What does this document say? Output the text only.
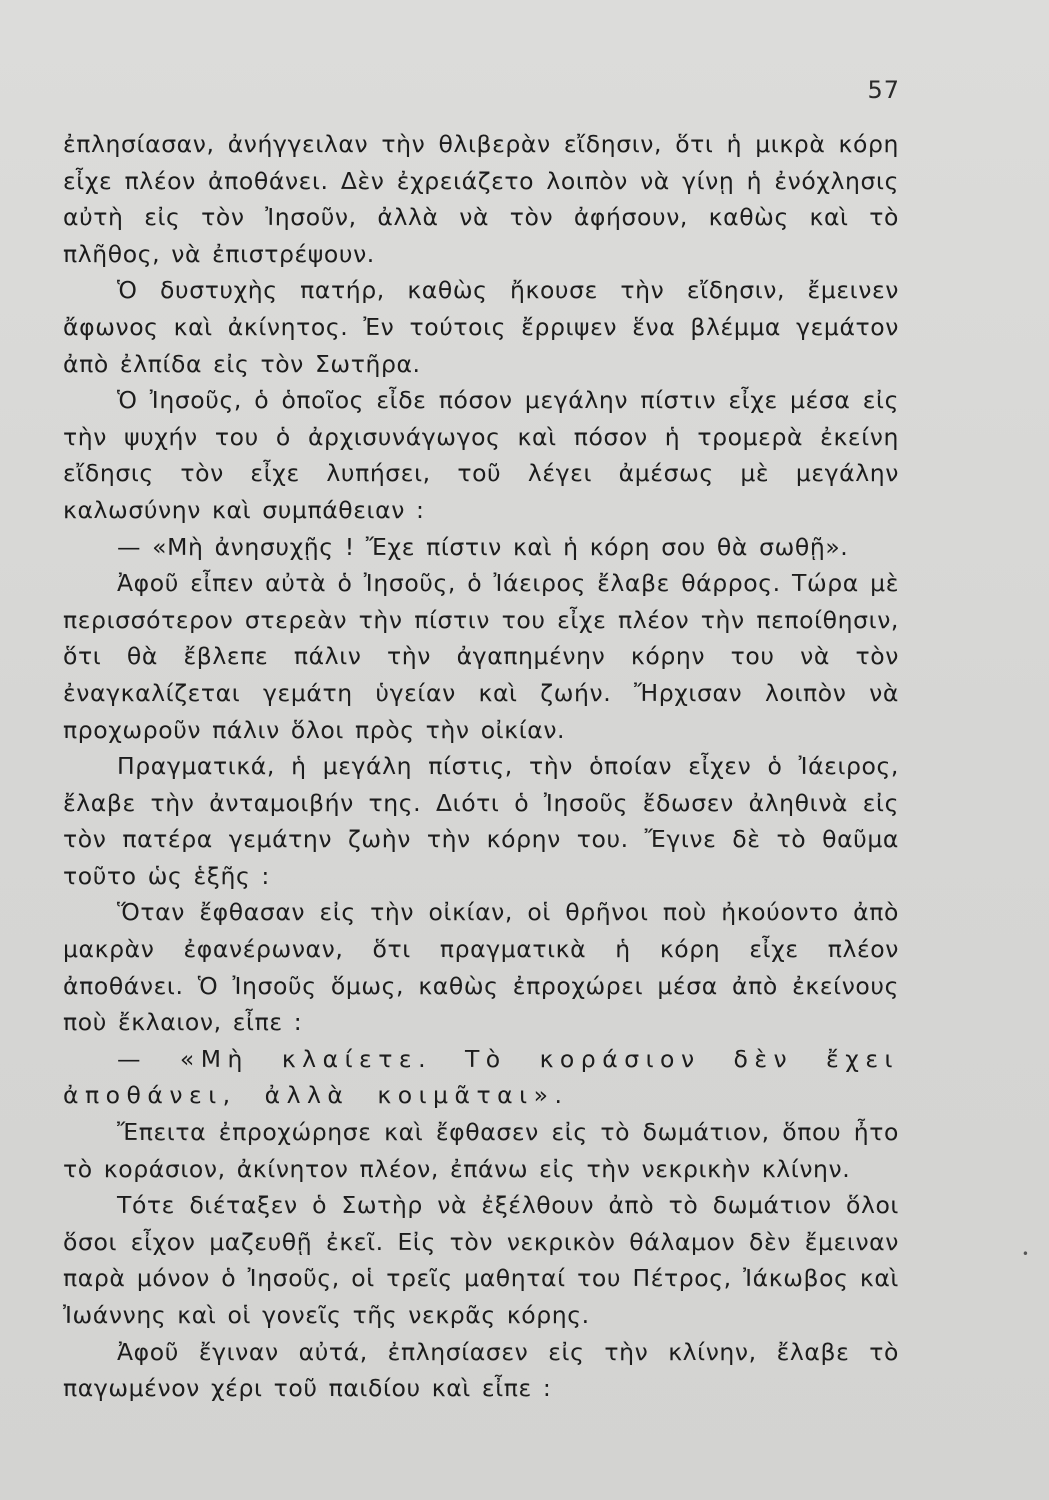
57

ἐπλησίασαν, ἀνήγγειλαν τὴν θλιβερὰν εἴδησιν, ὅτι ἡ μικρὰ κόρη εἶχε πλέον ἀποθάνει. Δὲν ἐχρειάζετο λοιπὸν νὰ γίνῃ ἡ ἐνόχλησις αὐτὴ εἰς τὸν Ἰησοῦν, ἀλλὰ νὰ τὸν ἀφήσουν, καθὼς καὶ τὸ πλῆθος, νὰ ἐπιστρέψουν.

Ὁ δυστυχὴς πατήρ, καθὼς ἤκουσε τὴν εἴδησιν, ἔμεινεν ἄφωνος καὶ ἀκίνητος. Ἐν τούτοις ἔρριψεν ἕνα βλέμμα γεμάτον ἀπὸ ἐλπίδα εἰς τὸν Σωτῆρα.

Ὁ Ἰησοῦς, ὁ ὁποῖος εἶδε πόσον μεγάλην πίστιν εἶχε μέσα εἰς τὴν ψυχήν του ὁ ἀρχισυνάγωγος καὶ πόσον ἡ τρομερὰ ἐκείνη εἴδησις τὸν εἶχε λυπήσει, τοῦ λέγει ἀμέσως μὲ μεγάλην καλωσύνην καὶ συμπάθειαν :

— «Μὴ ἀνησυχῇς ! Ἔχε πίστιν καὶ ἡ κόρη σου θὰ σωθῇ».

Ἀφοῦ εἶπεν αὐτὰ ὁ Ἰησοῦς, ὁ Ἰάειρος ἔλαβε θάρρος. Τώρα μὲ περισσότερον στερεὰν τὴν πίστιν του εἶχε πλέον τὴν πεποίθησιν, ὅτι θὰ ἔβλεπε πάλιν τὴν ἀγαπημένην κόρην του νὰ τὸν ἐναγκαλίζεται γεμάτη ὑγείαν καὶ ζωήν. Ἤρχισαν λοιπὸν νὰ προχωροῦν πάλιν ὅλοι πρὸς τὴν οἰκίαν.

Πραγματικά, ἡ μεγάλη πίστις, τὴν ὁποίαν εἶχεν ὁ Ἰάειρος, ἔλαβε τὴν ἀνταμοιβήν της. Διότι ὁ Ἰησοῦς ἔδωσεν ἀληθινὰ εἰς τὸν πατέρα γεμάτην ζωὴν τὴν κόρην του. Ἔγινε δὲ τὸ θαῦμα τοῦτο ὡς ἑξῆς :

Ὅταν ἔφθασαν εἰς τὴν οἰκίαν, οἱ θρῆνοι ποὺ ἠκούοντο ἀπὸ μακρὰν ἐφανέρωναν, ὅτι πραγματικὰ ἡ κόρη εἶχε πλέον ἀποθάνει. Ὁ Ἰησοῦς ὅμως, καθὼς ἐπροχώρει μέσα ἀπὸ ἐκείνους ποὺ ἔκλαιον, εἶπε :

— «Μὴ κλαίετε. Τὸ κοράσιον δὲν ἔχει

ἀποθάνει, ἀλλὰ κοιμᾶται».

Ἔπειτα ἐπροχώρησε καὶ ἔφθασεν εἰς τὸ δωμάτιον, ὅπου ἦτο τὸ κοράσιον, ἀκίνητον πλέον, ἐπάνω εἰς τὴν νεκρικὴν κλίνην.

Τότε διέταξεν ὁ Σωτὴρ νὰ ἐξέλθουν ἀπὸ τὸ δωμάτιον ὅλοι ὅσοι εἶχον μαζευθῇ ἐκεῖ. Εἰς τὸν νεκρικὸν θάλαμον δὲν ἔμειναν παρὰ μόνον ὁ Ἰησοῦς, οἱ τρεῖς μαθηταί του Πέτρος, Ἰάκωβος καὶ Ἰωάννης καὶ οἱ γονεῖς τῆς νεκρᾶς κόρης.

Ἀφοῦ ἔγιναν αὐτά, ἐπλησίασεν εἰς τὴν κλίνην, ἔλαβε τὸ παγωμένον χέρι τοῦ παιδίου καὶ εἶπε :

•
